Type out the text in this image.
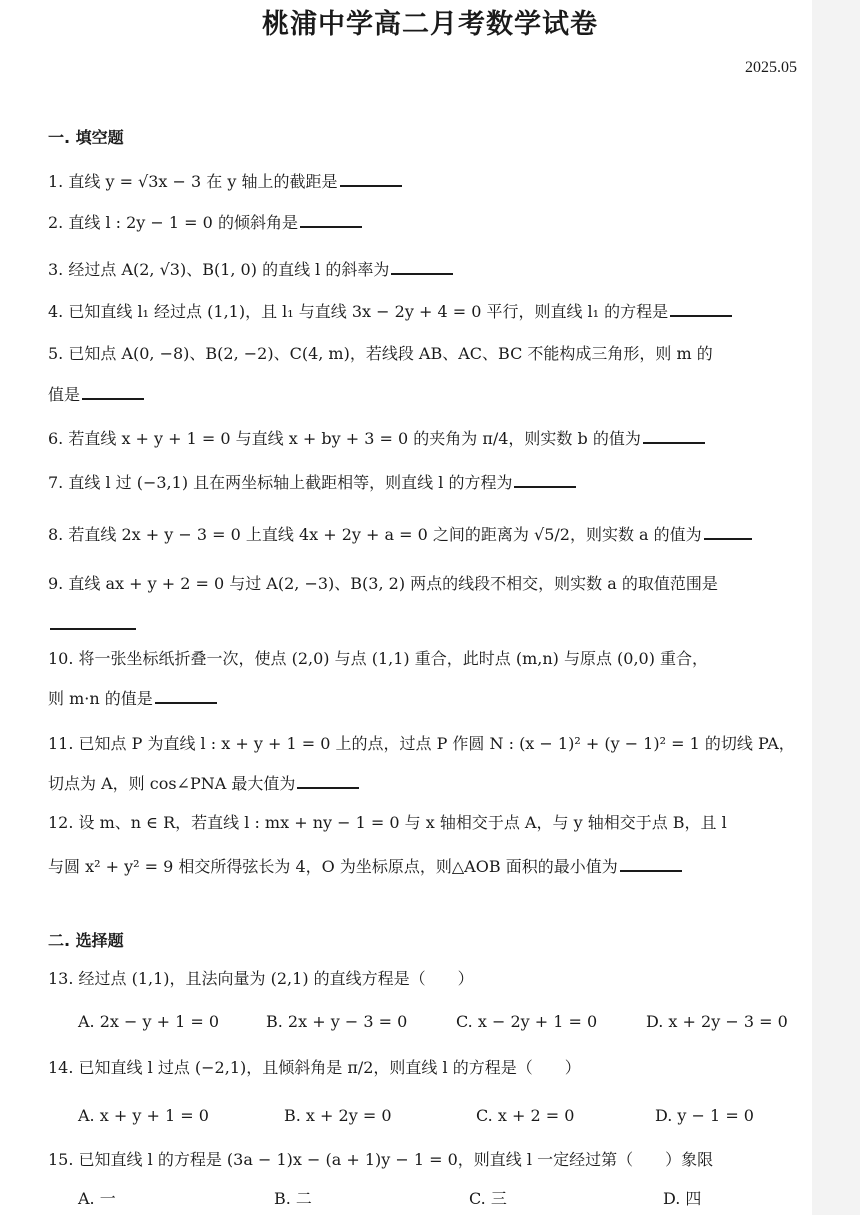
桃浦中学高二月考数学试卷
2025.05
一. 填空题
1. 直线 y = √3x − 3 在 y 轴上的截距是
2. 直线 l : 2y − 1 = 0 的倾斜角是
3. 经过点 A(2, √3)、B(1, 0) 的直线 l 的斜率为
4. 已知直线 l₁ 经过点 (1,1)，且 l₁ 与直线 3x − 2y + 4 = 0 平行，则直线 l₁ 的方程是
5. 已知点 A(0, −8)、B(2, −2)、C(4, m)，若线段 AB、AC、BC 不能构成三角形，则 m 的
值是
6. 若直线 x + y + 1 = 0 与直线 x + by + 3 = 0 的夹角为 π/4，则实数 b 的值为
7. 直线 l 过 (−3,1) 且在两坐标轴上截距相等，则直线 l 的方程为
8. 若直线 2x + y − 3 = 0 上直线 4x + 2y + a = 0 之间的距离为 √5/2，则实数 a 的值为
9. 直线 ax + y + 2 = 0 与过 A(2, −3)、B(3, 2) 两点的线段不相交，则实数 a 的取值范围是
10. 将一张坐标纸折叠一次，使点 (2,0) 与点 (1,1) 重合，此时点 (m,n) 与原点 (0,0) 重合，
则 m·n 的值是
11. 已知点 P 为直线 l : x + y + 1 = 0 上的点，过点 P 作圆 N : (x − 1)² + (y − 1)² = 1 的切线 PA，
切点为 A，则 cos∠PNA 最大值为
12. 设 m、n ∈ R，若直线 l : mx + ny − 1 = 0 与 x 轴相交于点 A，与 y 轴相交于点 B，且 l
与圆 x² + y² = 9 相交所得弦长为 4，O 为坐标原点，则△AOB 面积的最小值为
二. 选择题
13. 经过点 (1,1)，且法向量为 (2,1) 的直线方程是（　　）
A. 2x − y + 1 = 0	B. 2x + y − 3 = 0	C. x − 2y + 1 = 0	D. x + 2y − 3 = 0
14. 已知直线 l 过点 (−2,1)，且倾斜角是 π/2，则直线 l 的方程是（　　）
A. x + y + 1 = 0	B. x + 2y = 0	C. x + 2 = 0	D. y − 1 = 0
15. 已知直线 l 的方程是 (3a − 1)x − (a + 1)y − 1 = 0，则直线 l 一定经过第（　　）象限
A. 一	B. 二	C. 三	D. 四
